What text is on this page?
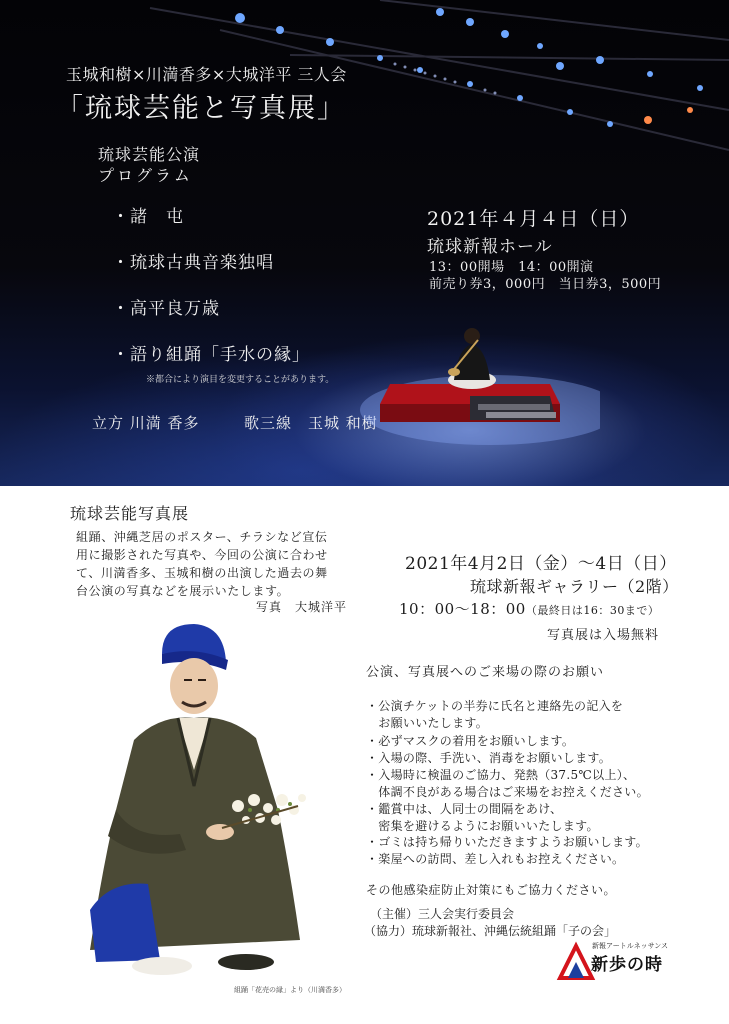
玉城和樹×川満香多×大城洋平 三人会
「琉球芸能と写真展」
琉球芸能公演
プログラム
・諸　屯
・琉球古典音楽独唱
・高平良万歳
・語り組踊「手水の縁」
※都合により演目を変更することがあります。
立方 川満 香多	歌三線　玉城 和樹
2021年４月４日（日）
琉球新報ホール
13：00開場　14：00開演
前売り券3，000円　当日券3，500円
琉球芸能写真展
組踊、沖縄芝居のポスター、チラシなど宣伝
用に撮影された写真や、今回の公演に合わせ
て、川満香多、玉城和樹の出演した過去の舞
台公演の写真などを展示いたします。
写真　大城洋平
2021年4月2日（金）〜4日（日）
琉球新報ギャラリー（2階）
10：00〜18：00（最終日は16：30まで）
写真展は入場無料
公演、写真展へのご来場の際のお願い
・公演チケットの半券に氏名と連絡先の記入を
　お願いいたします。
・必ずマスクの着用をお願いします。
・入場の際、手洗い、消毒をお願いします。
・入場時に検温のご協力、発熱（37.5℃以上）、
　体調不良がある場合はご来場をお控えください。
・鑑賞中は、人同士の間隔をあけ、
　密集を避けるようにお願いいたします。
・ゴミは持ち帰りいただきますようお願いします。
・楽屋への訪問、差し入れもお控えください。
その他感染症防止対策にもご協力ください。
（主催）三人会実行委員会
（協力）琉球新報社、沖縄伝統組踊「子の会」
組踊「花売の縁」より（川満香多）
新報アートルネッサンス
新歩の時
